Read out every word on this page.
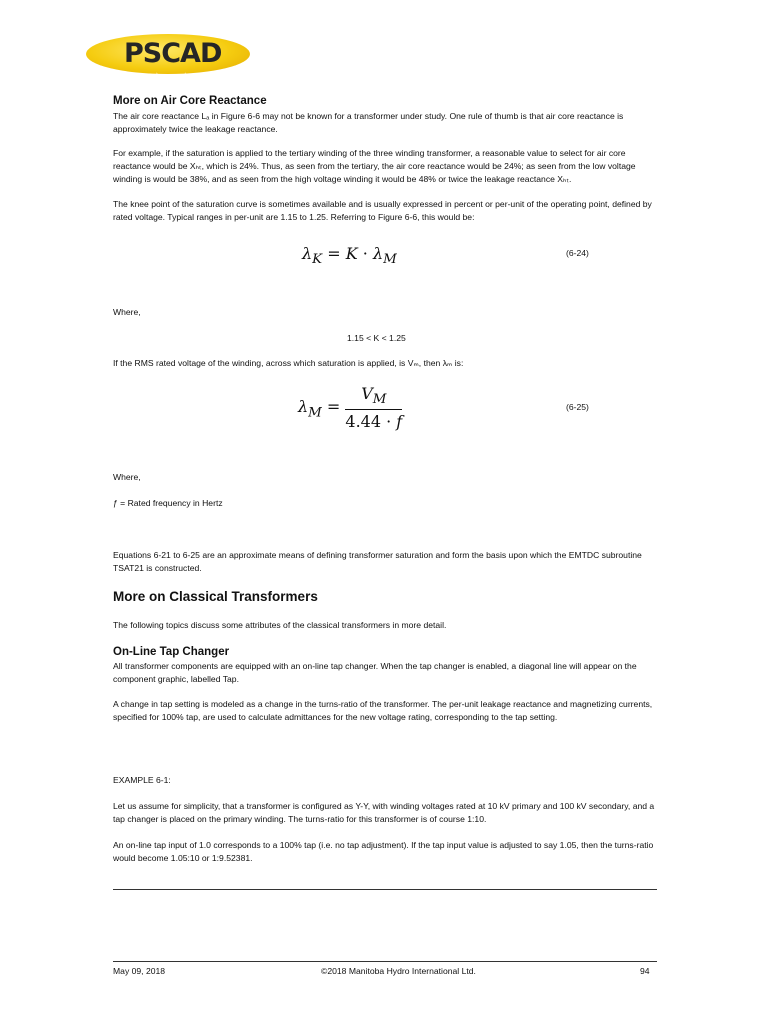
PSCAD
More on Air Core Reactance
The air core reactance Lₐ in Figure 6-6 may not be known for a transformer under study. One rule of thumb is that air core reactance is approximately twice the leakage reactance.
For example, if the saturation is applied to the tertiary winding of the three winding transformer, a reasonable value to select for air core reactance would be Xₕₜ, which is 24%. Thus, as seen from the tertiary, the air core reactance would be 24%; as seen from the low voltage winding is would be 38%, and as seen from the high voltage winding it would be 48% or twice the leakage reactance Xₕₜ.
The knee point of the saturation curve is sometimes available and is usually expressed in percent or per-unit of the operating point, defined by rated voltage. Typical ranges in per-unit are 1.15 to 1.25. Referring to Figure 6-6, this would be:
$\lambda_K = K \cdot \lambda_M$	(6-24)
Where,
1.15 < K < 1.25
If the RMS rated voltage of the winding, across which saturation is applied, is Vₘ, then λₘ is:
$\lambda_M = \frac{V_M}{4.44 \cdot f}$	(6-25)
Where,
ƒ = Rated frequency in Hertz
Equations 6-21 to 6-25 are an approximate means of defining transformer saturation and form the basis upon which the EMTDC subroutine TSAT21 is constructed.
More on Classical Transformers
The following topics discuss some attributes of the classical transformers in more detail.
On-Line Tap Changer
All transformer components are equipped with an on-line tap changer. When the tap changer is enabled, a diagonal line will appear on the component graphic, labelled Tap.
A change in tap setting is modeled as a change in the turns-ratio of the transformer. The per-unit leakage reactance and magnetizing currents, specified for 100% tap, are used to calculate admittances for the new voltage rating, corresponding to the tap setting.
EXAMPLE 6-1:
Let us assume for simplicity, that a transformer is configured as Y-Y, with winding voltages rated at 10 kV primary and 100 kV secondary, and a tap changer is placed on the primary winding. The turns-ratio for this transformer is of course 1:10.
An on-line tap input of 1.0 corresponds to a 100% tap (i.e. no tap adjustment). If the tap input value is adjusted to say 1.05, then the turns-ratio would become 1.05:10 or 1:9.52381.
May 09, 2018	©2018 Manitoba Hydro International Ltd.	94
